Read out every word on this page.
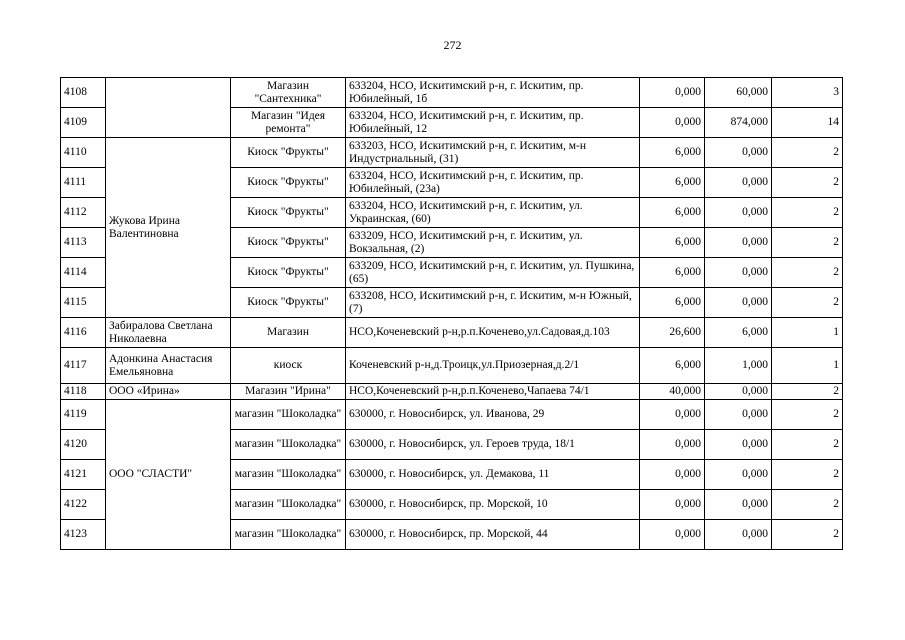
272
4108		Магазин "Сантехника"	633204, НСО, Искитимский р-н, г. Искитим, пр. Юбилейный, 1б	0,000	60,000	3
4109		Магазин "Идея ремонта"	633204, НСО, Искитимский р-н, г. Искитим, пр. Юбилейный, 12	0,000	874,000	14
4110	Жукова Ирина Валентиновна	Киоск "Фрукты"	633203, НСО, Искитимский р-н, г. Искитим, м-н Индустриальный, (31)	6,000	0,000	2
4111		Киоск "Фрукты"	633204, НСО, Искитимский р-н, г. Искитим, пр. Юбилейный, (23а)	6,000	0,000	2
4112		Киоск "Фрукты"	633204, НСО, Искитимский р-н, г. Искитим, ул. Украинская, (60)	6,000	0,000	2
4113		Киоск "Фрукты"	633209, НСО, Искитимский р-н, г. Искитим, ул. Вокзальная, (2)	6,000	0,000	2
4114		Киоск "Фрукты"	633209, НСО, Искитимский р-н, г. Искитим, ул. Пушкина, (65)	6,000	0,000	2
4115		Киоск "Фрукты"	633208, НСО, Искитимский р-н, г. Искитим, м-н Южный, (7)	6,000	0,000	2
4116	Забиралова Светлана Николаевна	Магазин	НСО,Коченевский р-н,р.п.Коченево,ул.Садовая,д.103	26,600	6,000	1
4117	Адонкина Анастасия Емельяновна	киоск	Коченевский р-н,д.Троицк,ул.Приозерная,д.2/1	6,000	1,000	1
4118	ООО «Ирина»	Магазин "Ирина"	НСО,Коченевский р-н,р.п.Коченево,Чапаева 74/1	40,000	0,000	2
4119	ООО "СЛАСТИ"	магазин "Шоколадка"	630000, г. Новосибирск, ул. Иванова, 29	0,000	0,000	2
4120		магазин "Шоколадка"	630000, г. Новосибирск, ул. Героев труда, 18/1	0,000	0,000	2
4121		магазин "Шоколадка"	630000, г. Новосибирск, ул. Демакова, 11	0,000	0,000	2
4122		магазин "Шоколадка"	630000, г. Новосибирск, пр. Морской, 10	0,000	0,000	2
4123		магазин "Шоколадка"	630000, г. Новосибирск, пр. Морской, 44	0,000	0,000	2
